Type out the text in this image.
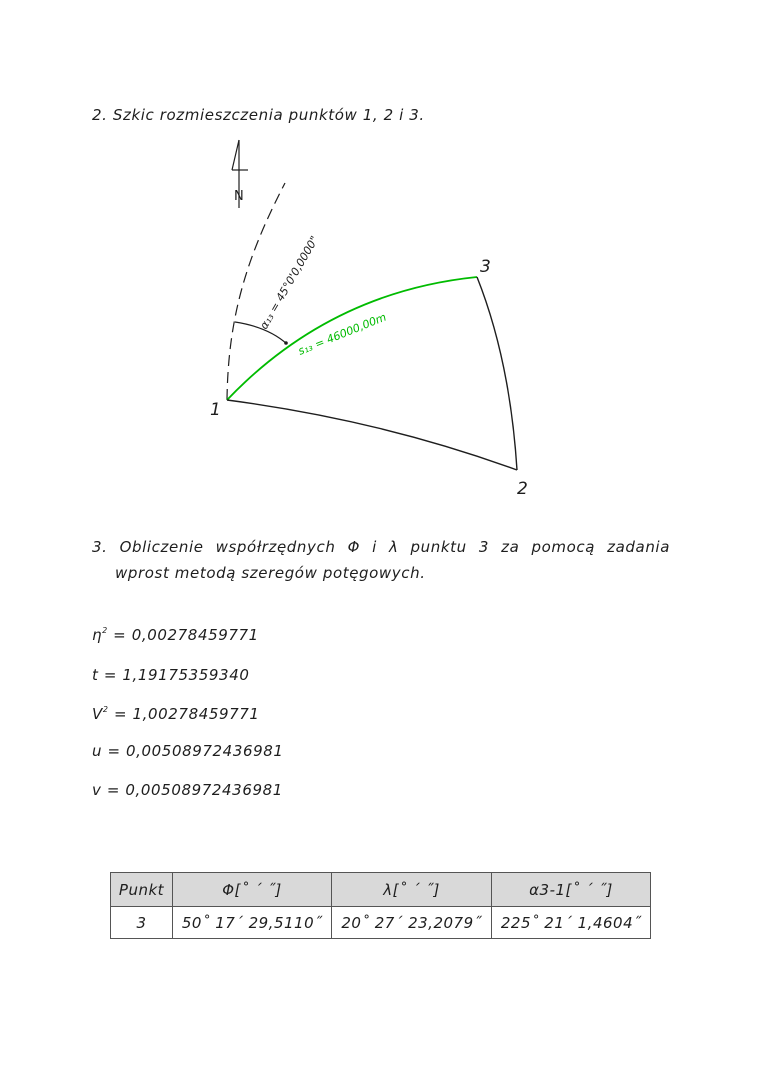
2. Szkic rozmieszczenia punktów 1, 2 i 3.
N
1
2
3
α₁₃ = 45°0'0,0000"
s₁₃ = 46000,00m
3. Obliczenie współrzędnych Φ i λ punktu 3 za pomocą zadania
wprost metodą szeregów potęgowych.
$\eta^2 = 0,00278459771$
t = 1,19175359340
$V^2 = 1,00278459771$
u = 0,00508972436981
v = 0,00508972436981
Punkt	Φ[˚ ΄ ˝]	λ[˚ ΄ ˝]	α3-1[˚ ΄ ˝]
3	50˚ 17΄ 29,5110˝	20˚ 27΄ 23,2079˝	225˚ 21΄ 1,4604˝
